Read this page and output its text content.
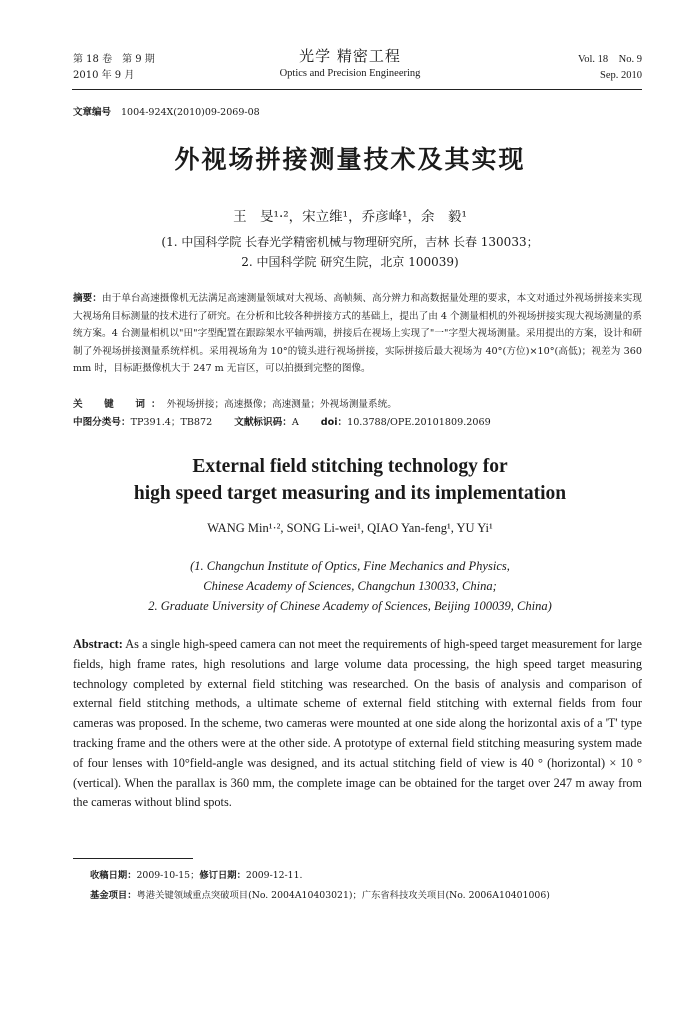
第 18 卷　第 9 期
2010 年 9 月
光学 精密工程
Optics and Precision Engineering
Vol. 18　No. 9
Sep. 2010
文章编号 1004-924X(2010)09-2069-08
外视场拼接测量技术及其实现
王　旻¹·²，宋立维¹，乔彦峰¹，余　毅¹
(1. 中国科学院 长春光学精密机械与物理研究所，吉林 长春 130033；
2. 中国科学院 研究生院，北京 100039)
摘要：由于单台高速摄像机无法满足高速测量领域对大视场、高帧频、高分辨力和高数据量处理的要求，本文对通过外视场拼接来实现大视场角目标测量的技术进行了研究。在分析和比较各种拼接方式的基础上，提出了由 4 个测量相机的外视场拼接实现大视场测量的系统方案。4 台测量相机以"田"字型配置在跟踪架水平轴两端，拼接后在视场上实现了"一"字型大视场测量。采用提出的方案，设计和研制了外视场拼接测量系统样机。采用视场角为 10°的镜头进行视场拼接，实际拼接后最大视场为 40°(方位)×10°(高低)；视差为 360 mm 时，目标距摄像机大于 247 m 无盲区，可以拍摄到完整的图像。
关　键　词：外视场拼接；高速摄像；高速测量；外视场测量系统。
中图分类号：TP391.4；TB872 文献标识码：A doi：10.3788/OPE.20101809.2069
External field stitching technology for
high speed target measuring and its implementation
WANG Min¹·², SONG Li-wei¹, QIAO Yan-feng¹, YU Yi¹
(1. Changchun Institute of Optics, Fine Mechanics and Physics,
Chinese Academy of Sciences, Changchun 130033, China;
2. Graduate University of Chinese Academy of Sciences, Beijing 100039, China)
Abstract: As a single high-speed camera can not meet the requirements of high-speed target measurement for large fields, high frame rates, high resolutions and large volume data processing, the high speed target measuring technology completed by external field stitching was researched. On the basis of analysis and comparison of external field stitching methods, a ultimate scheme of external field stitching with external fields from four cameras was proposed. In the scheme, two cameras were mounted at one side along the horizontal axis of a 'T' type tracking frame and the others were at the other side. A prototype of external field stitching measuring system made of four lenses with 10°field-angle was designed, and its actual stitching field of view is 40 ° (horizontal) × 10 ° (vertical). When the parallax is 360 mm, the complete image can be obtained for the target over 247 m away from the cameras without blind spots.
收稿日期：2009-10-15；修订日期：2009-12-11.
基金项目：粤港关键领域重点突破项目(No. 2004A10403021)；广东省科技攻关项目(No. 2006A10401006)
